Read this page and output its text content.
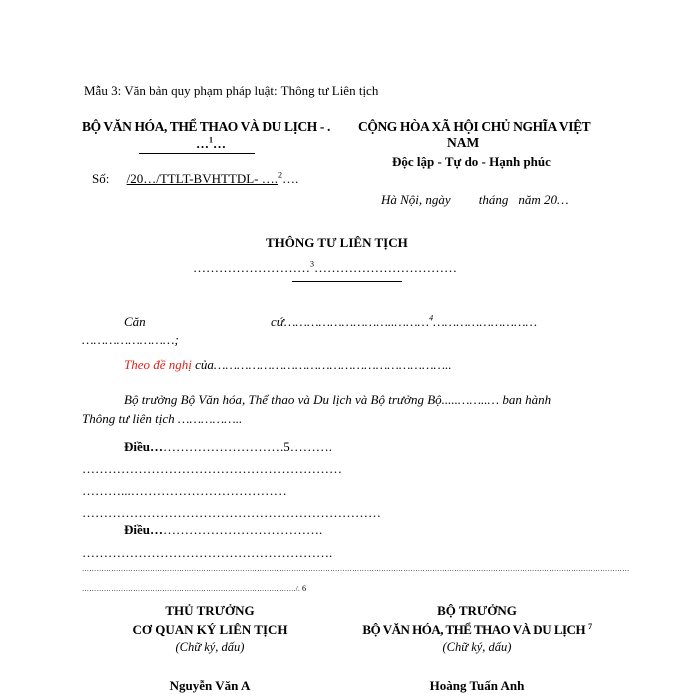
Mẫu 3: Văn bản quy phạm pháp luật: Thông tư Liên tịch
BỘ VĂN HÓA, THỂ THAO VÀ DU LỊCH - .
…$^1$…
Số: /20…/TTLT-BVHTTDL- ….$^2$….
CỘNG HÒA XÃ HỘI CHỦ NGHĨA VIỆT
NAM
Độc lập - Tự do - Hạnh phúc
Hà Nội, ngày tháng năm 20…
THÔNG TƯ LIÊN TỊCH
………………………$^3$……………………………
Căn	cứ………………………..………$^4$………………………
……………………;
Theo đề nghị của……………………………………………………..
Bộ trưởng Bộ Văn hóa, Thể thao và Du lịch và Bộ trưởng Bộ.....……..… ban hành
Thông tư liên tịch ……………..
Điều………………………….5……….
……………………………………………………
………...………………………………
……………………………………………………………
Điều………………………………….
………………………………………………….
………………………………………………………………………………………………………………………………………………………………………………………………………
……………………………………………………………………………./. 6
THỦ TRƯỞNG
CƠ QUAN KÝ LIÊN TỊCH
(Chữ ký, dấu)
Nguyễn Văn A
BỘ TRƯỞNG
BỘ VĂN HÓA, THỂ THAO VÀ DU LỊCH $^7$
(Chữ ký, dấu)
Hoàng Tuấn Anh
